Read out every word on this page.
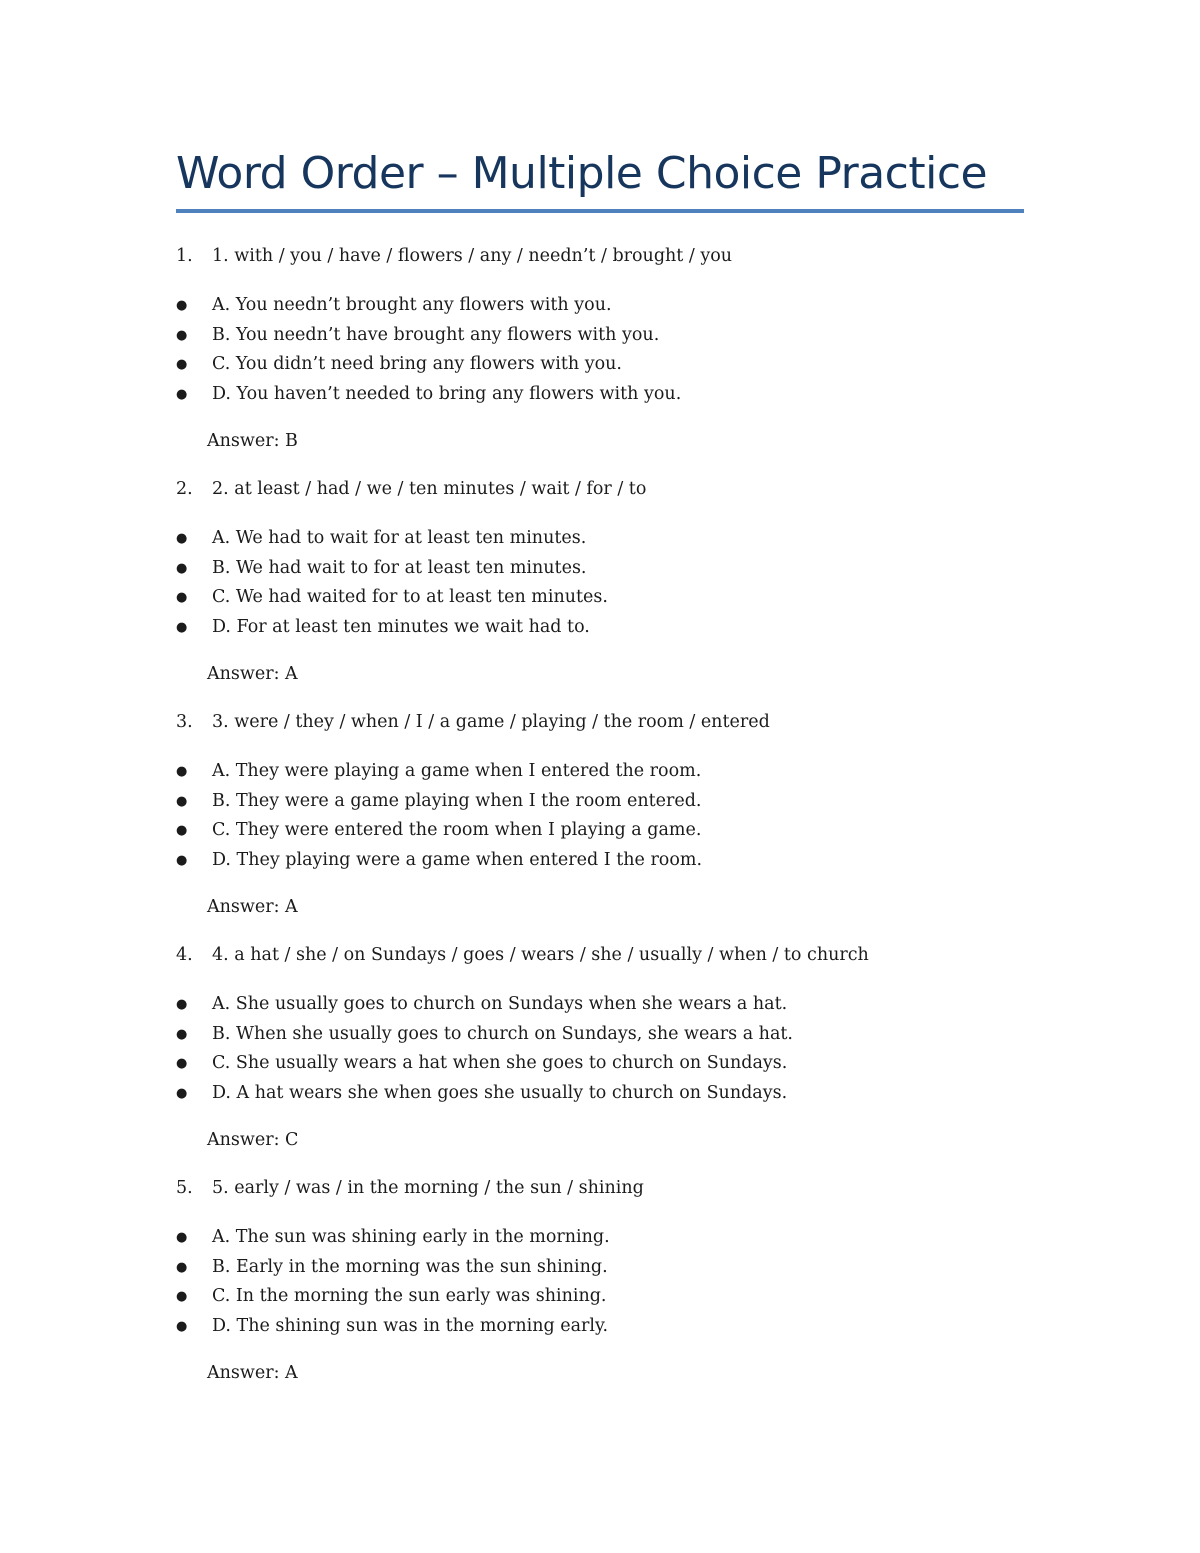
Word Order – Multiple Choice Practice
1. 1. with / you / have / flowers / any / needn’t / brought / you
● A. You needn’t brought any flowers with you.
● B. You needn’t have brought any flowers with you.
● C. You didn’t need bring any flowers with you.
● D. You haven’t needed to bring any flowers with you.
Answer: B
2. 2. at least / had / we / ten minutes / wait / for / to
● A. We had to wait for at least ten minutes.
● B. We had wait to for at least ten minutes.
● C. We had waited for to at least ten minutes.
● D. For at least ten minutes we wait had to.
Answer: A
3. 3. were / they / when / I / a game / playing / the room / entered
● A. They were playing a game when I entered the room.
● B. They were a game playing when I the room entered.
● C. They were entered the room when I playing a game.
● D. They playing were a game when entered I the room.
Answer: A
4. 4. a hat / she / on Sundays / goes / wears / she / usually / when / to church
● A. She usually goes to church on Sundays when she wears a hat.
● B. When she usually goes to church on Sundays, she wears a hat.
● C. She usually wears a hat when she goes to church on Sundays.
● D. A hat wears she when goes she usually to church on Sundays.
Answer: C
5. 5. early / was / in the morning / the sun / shining
● A. The sun was shining early in the morning.
● B. Early in the morning was the sun shining.
● C. In the morning the sun early was shining.
● D. The shining sun was in the morning early.
Answer: A
